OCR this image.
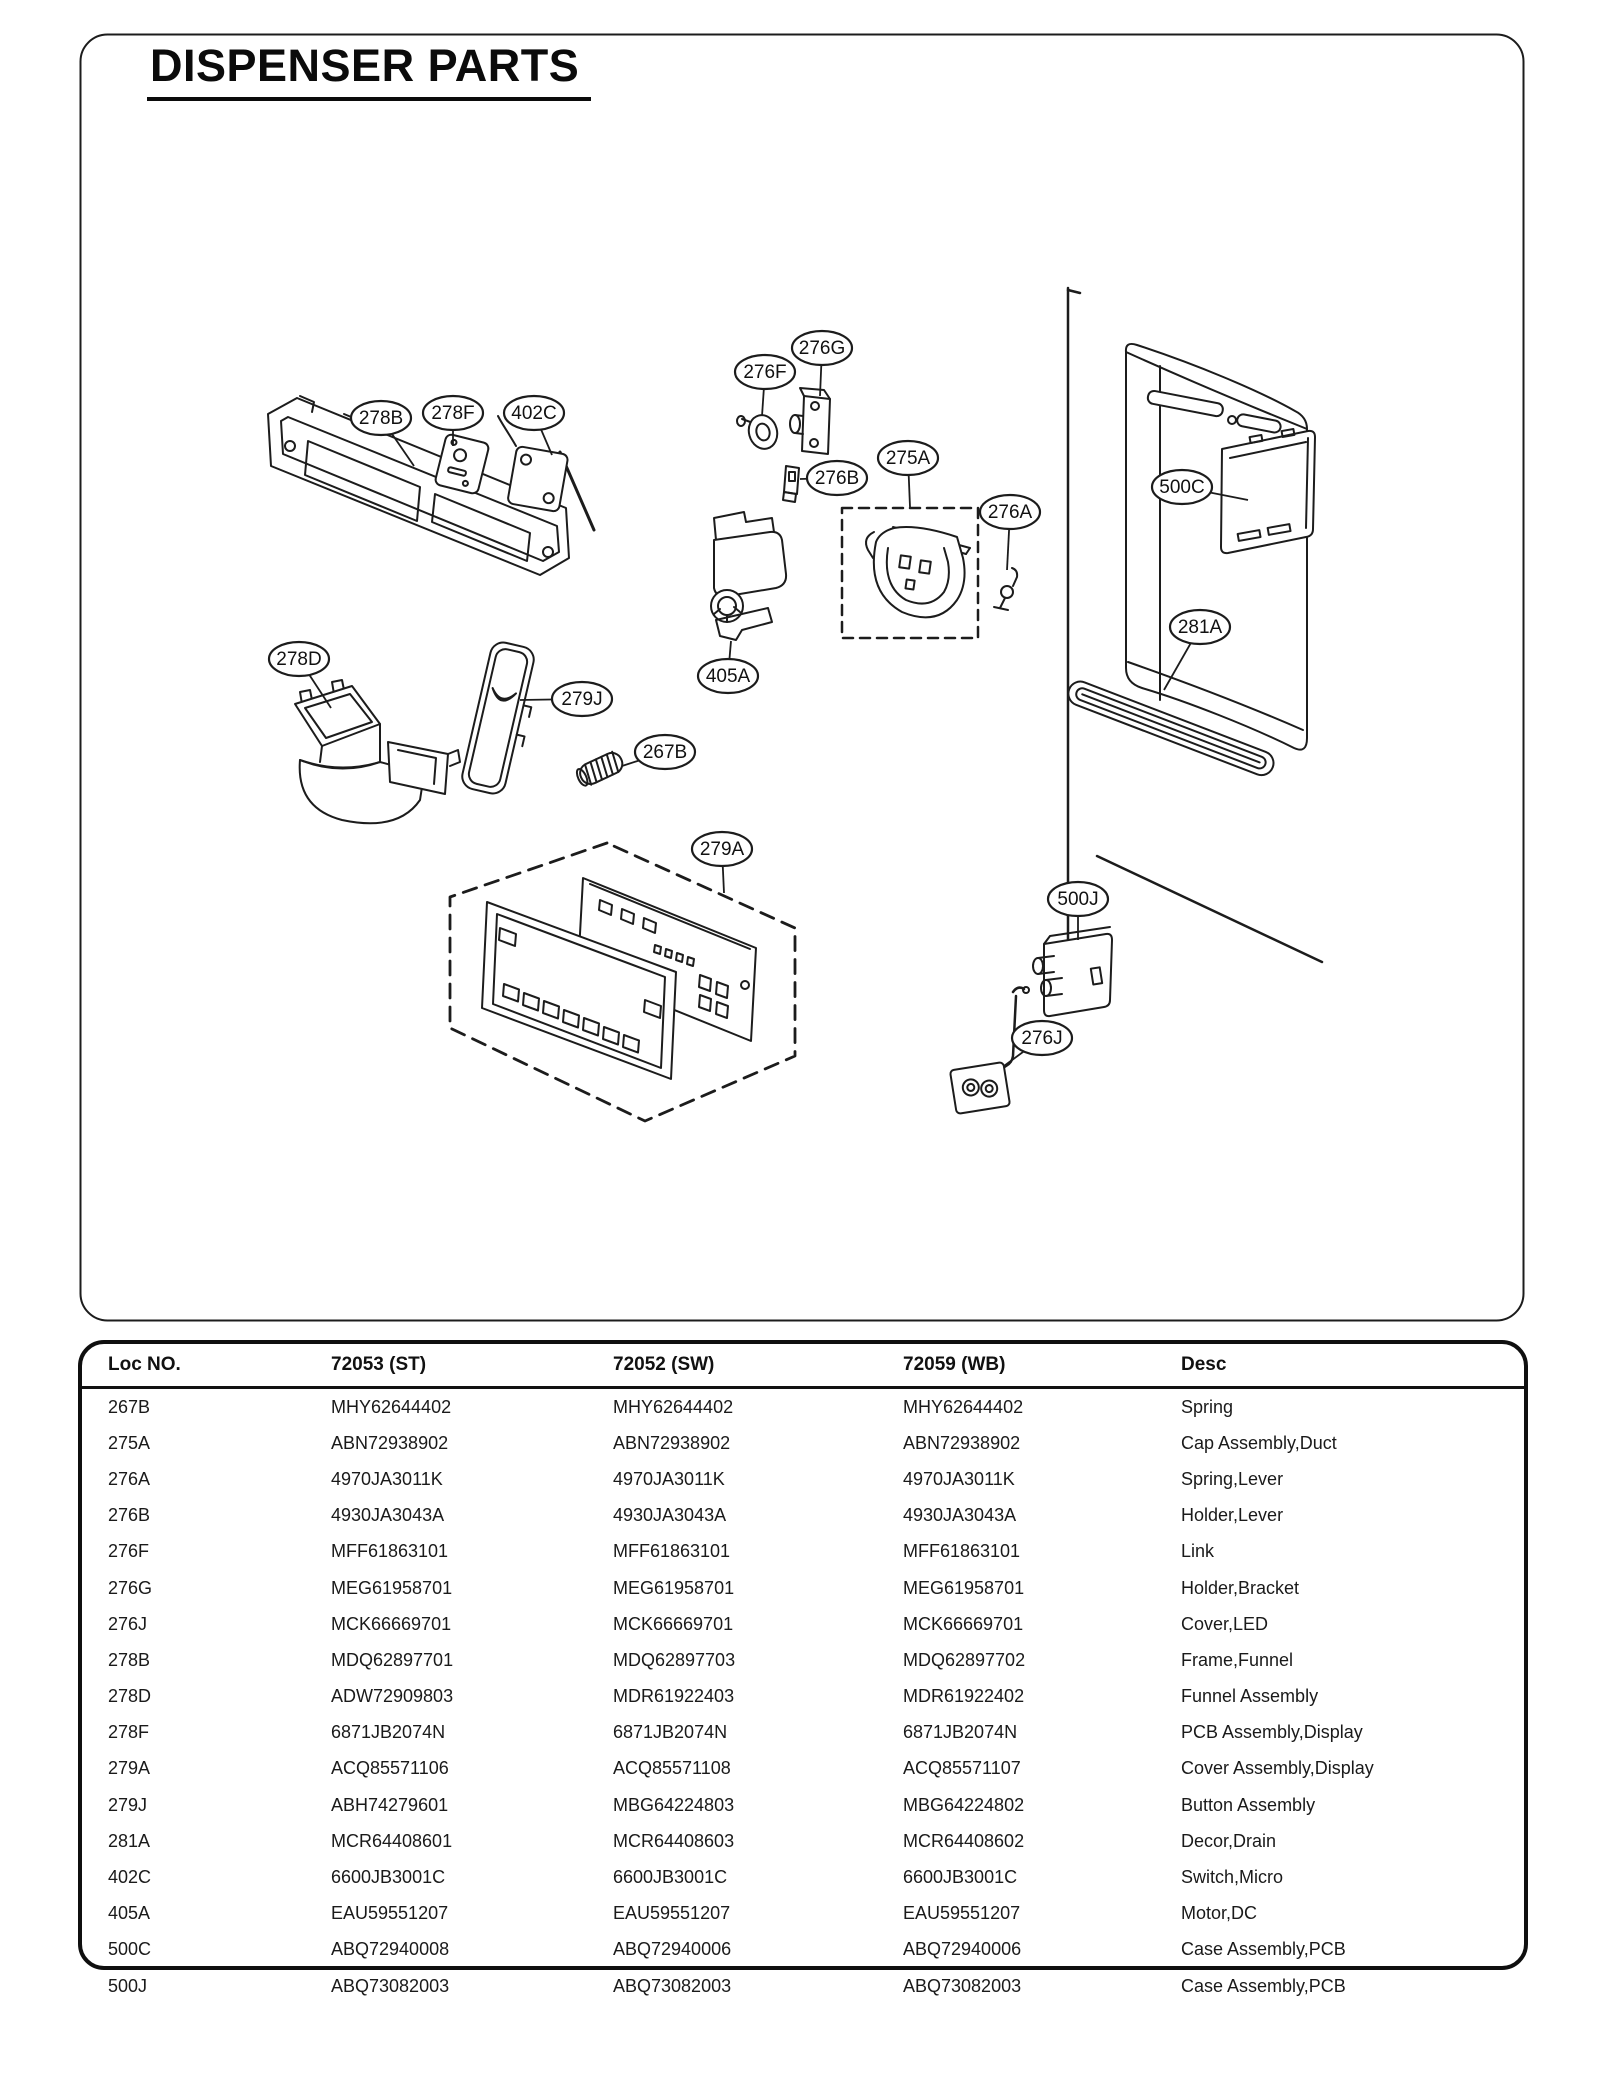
278B 278F 402C
276F
276G
276B
275A
276A
500C
281A
278D
279J
267B
405A
279A
500J
276J
DISPENSER PARTS
Loc NO.	72053 (ST)	72052 (SW)	72059 (WB)	Desc
267B	MHY62644402	MHY62644402	MHY62644402	Spring
275A	ABN72938902	ABN72938902	ABN72938902	Cap Assembly,Duct
276A	4970JA3011K	4970JA3011K	4970JA3011K	Spring,Lever
276B	4930JA3043A	4930JA3043A	4930JA3043A	Holder,Lever
276F	MFF61863101	MFF61863101	MFF61863101	Link
276G	MEG61958701	MEG61958701	MEG61958701	Holder,Bracket
276J	MCK66669701	MCK66669701	MCK66669701	Cover,LED
278B	MDQ62897701	MDQ62897703	MDQ62897702	Frame,Funnel
278D	ADW72909803	MDR61922403	MDR61922402	Funnel Assembly
278F	6871JB2074N	6871JB2074N	6871JB2074N	PCB Assembly,Display
279A	ACQ85571106	ACQ85571108	ACQ85571107	Cover Assembly,Display
279J	ABH74279601	MBG64224803	MBG64224802	Button Assembly
281A	MCR64408601	MCR64408603	MCR64408602	Decor,Drain
402C	6600JB3001C	6600JB3001C	6600JB3001C	Switch,Micro
405A	EAU59551207	EAU59551207	EAU59551207	Motor,DC
500C	ABQ72940008	ABQ72940006	ABQ72940006	Case Assembly,PCB
500J	ABQ73082003	ABQ73082003	ABQ73082003	Case Assembly,PCB
